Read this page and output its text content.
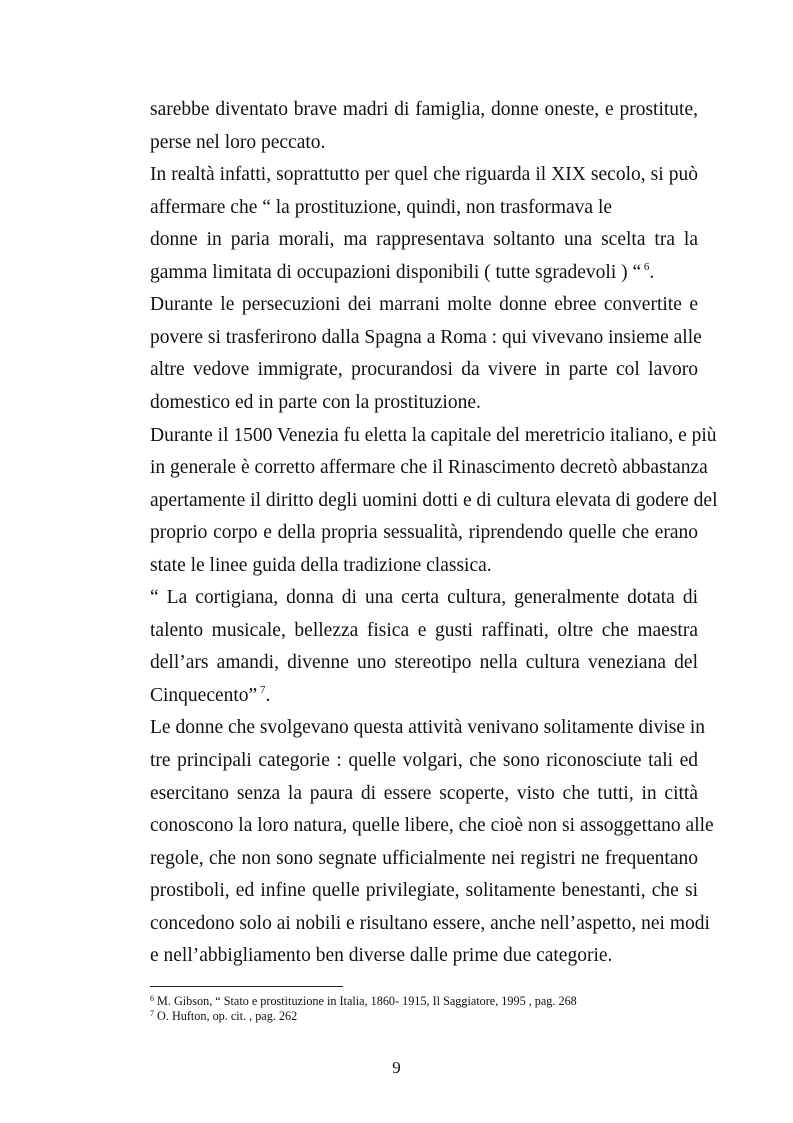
sarebbe diventato brave madri di famiglia, donne oneste, e prostitute,
perse nel loro peccato.
In realtà infatti, soprattutto per quel che riguarda il XIX secolo, si può
affermare che “ la prostituzione, quindi, non trasformava le
donne in paria morali, ma rappresentava soltanto una scelta tra la
gamma limitata di occupazioni disponibili ( tutte sgradevoli ) “ $^6$.
Durante le persecuzioni dei marrani molte donne ebree convertite e
povere si trasferirono dalla Spagna a Roma : qui vivevano insieme alle
altre vedove immigrate, procurandosi da vivere in parte col lavoro
domestico ed in parte con la prostituzione.
Durante il 1500 Venezia fu eletta la capitale del meretricio italiano, e più
in generale è corretto affermare che il Rinascimento decretò abbastanza
apertamente il diritto degli uomini dotti e di cultura elevata di godere del
proprio corpo e della propria sessualità, riprendendo quelle che erano
state le linee guida della tradizione classica.
“ La cortigiana, donna di una certa cultura, generalmente dotata di
talento musicale, bellezza fisica e gusti raffinati, oltre che maestra
dell’ars amandi, divenne uno stereotipo nella cultura veneziana del
Cinquecento” $^7$.
Le donne che svolgevano questa attività venivano solitamente divise in
tre principali categorie : quelle volgari, che sono riconosciute tali ed
esercitano senza la paura di essere scoperte, visto che tutti, in città
conoscono la loro natura, quelle libere, che cioè non si assoggettano alle
regole, che non sono segnate ufficialmente nei registri ne frequentano
prostiboli, ed infine quelle privilegiate, solitamente benestanti, che si
concedono solo ai nobili e risultano essere, anche nell’aspetto, nei modi
e nell’abbigliamento ben diverse dalle prime due categorie.
$^6$ M. Gibson, “ Stato e prostituzione in Italia, 1860- 1915, Il Saggiatore, 1995 , pag. 268
$^7$ O. Hufton, op. cit. , pag. 262
9
